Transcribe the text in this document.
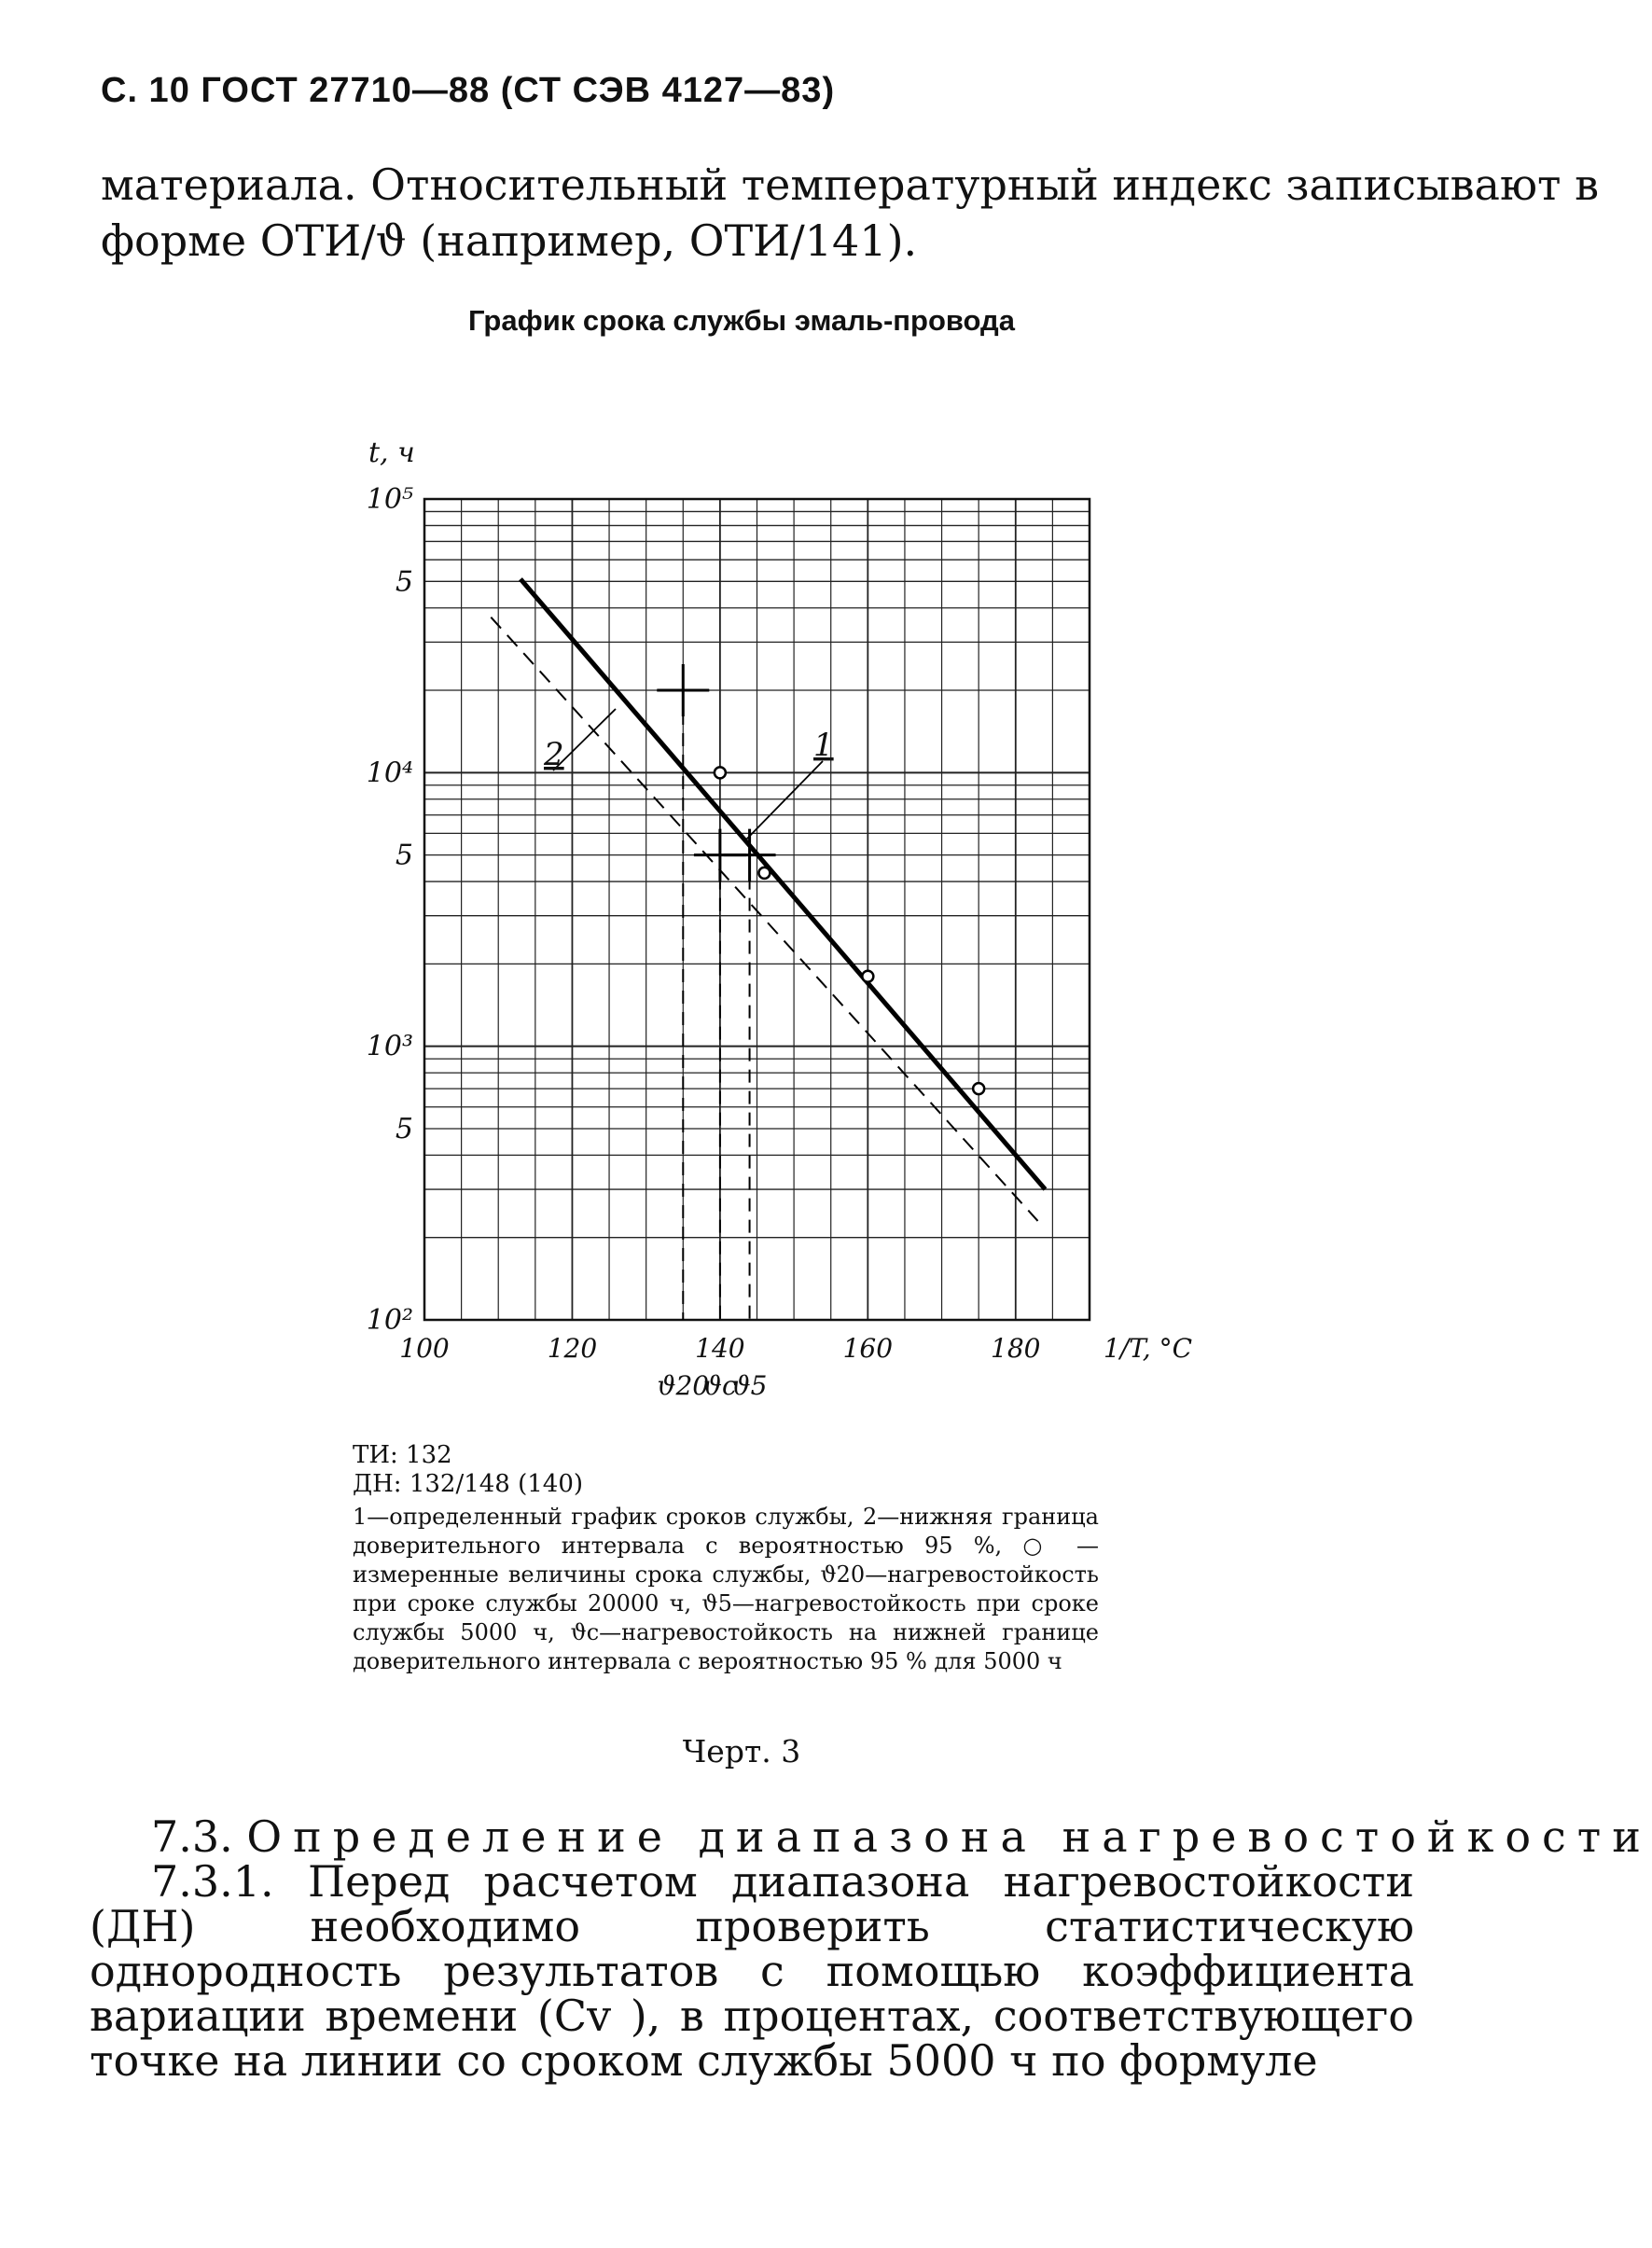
С. 10 ГОСТ 27710—88 (СТ СЭВ 4127—83)
материала. Относительный температурный индекс записывают в
форме ОТИ/ϑ (например, ОТИ/141).
График срока службы эмаль-провода
10²
5
10³
5
10⁴
5
10⁵
t, ч
100	120	140	160	180 1/T, °C
1
2
ϑ20
ϑc
ϑ5
ТИ: 132
ДН: 132/148 (140)
1—определенный график сроков службы, 2—нижняя граница доверительного интервала с вероятностью 95 %, ○ —измеренные величины срока службы, ϑ20—нагревостойкость при сроке службы 20000 ч, ϑ5—нагревостойкость при сроке службы 5000 ч, ϑc—нагревостойкость на нижней границе доверительного интервала с вероятностью 95 % для 5000 ч
Черт. 3
7.3. Определение диапазона нагревостойкости

7.3.1. Перед расчетом диапазона нагревостойкости (ДН) необходимо проверить статистическую однородность результатов с помощью коэффициента вариации времени (Cv ), в процентах, соответствующего точке на линии со сроком службы 5000 ч по формуле
